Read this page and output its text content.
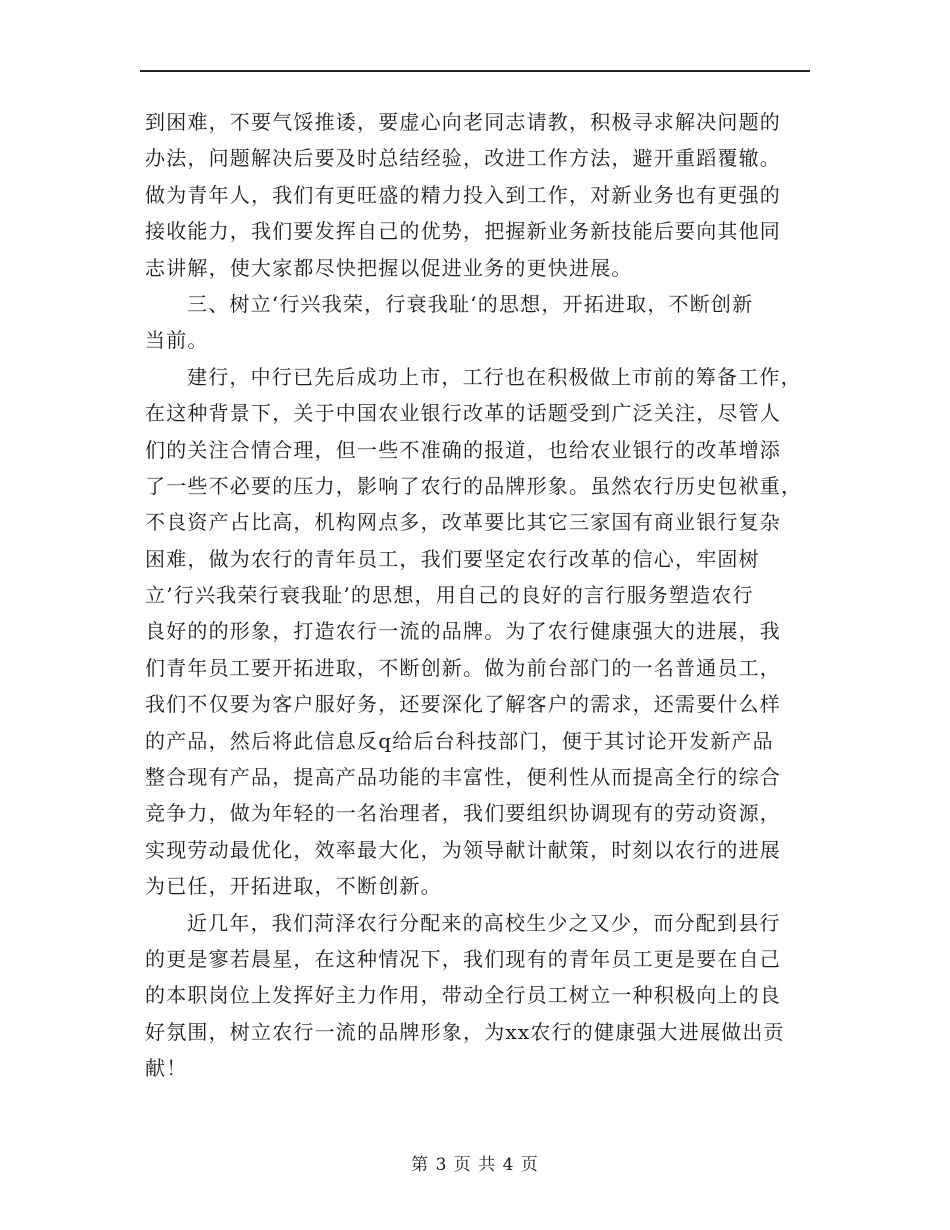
到困难，不要气馁推诿，要虚心向老同志请教，积极寻求解决问题的
办法，问题解决后要及时总结经验，改进工作方法，避开重蹈覆辙。
做为青年人，我们有更旺盛的精力投入到工作，对新业务也有更强的
接收能力，我们要发挥自己的优势，把握新业务新技能后要向其他同
志讲解，使大家都尽快把握以促进业务的更快进展。
三、树立‘行兴我荣，行衰我耻‘的思想，开拓进取，不断创新
当前。
建行，中行已先后成功上市，工行也在积极做上市前的筹备工作，
在这种背景下，关于中国农业银行改革的话题受到广泛关注，尽管人
们的关注合情合理，但一些不准确的报道，也给农业银行的改革增添
了一些不必要的压力，影响了农行的品牌形象。虽然农行历史包袱重，
不良资产占比高，机构网点多，改革要比其它三家国有商业银行复杂
困难，做为农行的青年员工，我们要坚定农行改革的信心，牢固树
立’行兴我荣行衰我耻’的思想，用自己的良好的言行服务塑造农行
良好的的形象，打造农行一流的品牌。为了农行健康强大的进展，我
们青年员工要开拓进取，不断创新。做为前台部门的一名普通员工，
我们不仅要为客户服好务，还要深化了解客户的需求，还需要什么样
的产品，然后将此信息反q给后台科技部门，便于其讨论开发新产品
整合现有产品，提高产品功能的丰富性，便利性从而提高全行的综合
竞争力，做为年轻的一名治理者，我们要组织协调现有的劳动资源，
实现劳动最优化，效率最大化，为领导献计献策，时刻以农行的进展
为已任，开拓进取，不断创新。
近几年，我们菏泽农行分配来的高校生少之又少，而分配到县行
的更是寥若晨星，在这种情况下，我们现有的青年员工更是要在自己
的本职岗位上发挥好主力作用，带动全行员工树立一种积极向上的良
好氛围，树立农行一流的品牌形象，为xx农行的健康强大进展做出贡
献！
第 3 页 共 4 页
